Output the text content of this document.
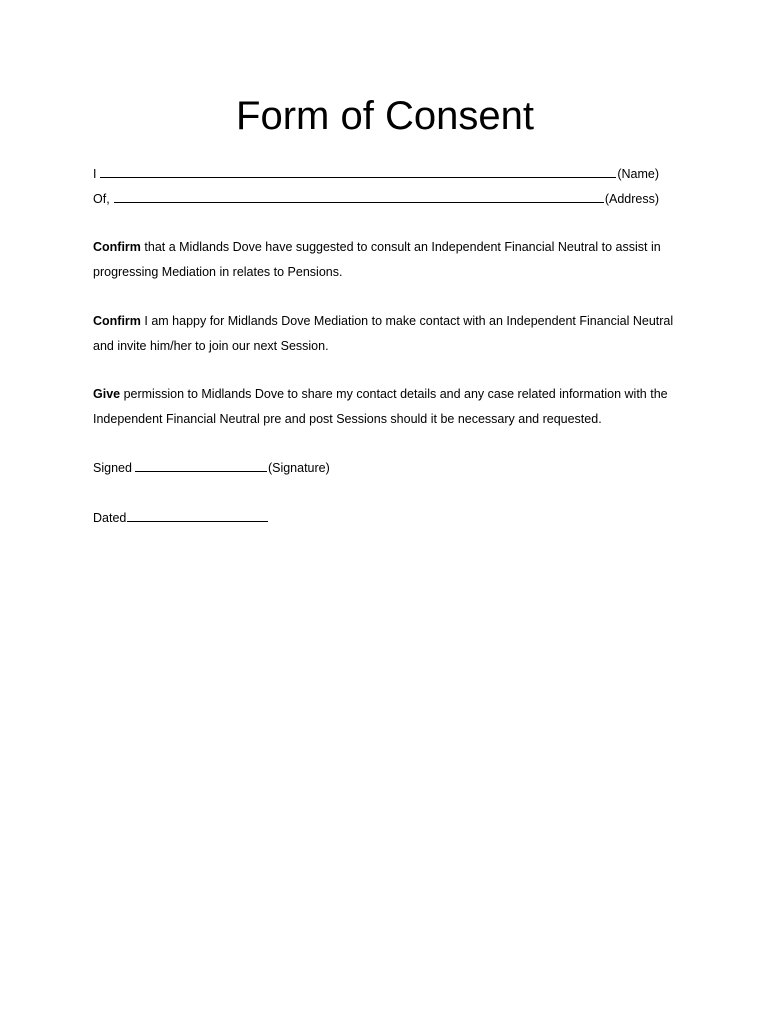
Form of Consent
I	(Name)
Of,	(Address)
Confirm that a Midlands Dove have suggested to consult an Independent Financial Neutral to assist in progressing Mediation in relates to Pensions.
Confirm I am happy for Midlands Dove Mediation to make contact with an Independent Financial Neutral and invite him/her to join our next Session.
Give permission to Midlands Dove to share my contact details and any case related information with the Independent Financial Neutral pre and post Sessions should it be necessary and requested.
Signed	(Signature)
Dated
